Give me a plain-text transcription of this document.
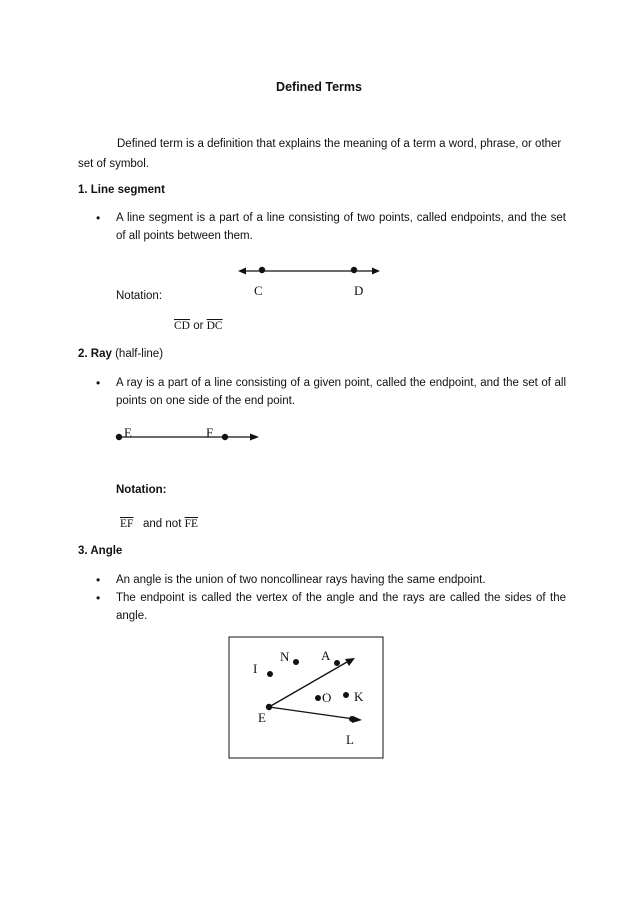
Defined Terms
Defined term is a definition that explains the meaning of a term a word, phrase, or other set of symbol.
1. Line segment
•	A line segment is a part of a line consisting of two points, called endpoints, and the set of all points between them.
C	D
Notation:
$\overline{CD}$ or $\overline{DC}$
2. Ray (half-line)
•	A ray is a part of a line consisting of a given point, called the endpoint, and the set of all points on one side of the end point.
E	F
Notation:
$\overline{EF}$ and not $\overline{FE}$
3. Angle
•	An angle is the union of two noncollinear rays having the same endpoint.
•	The endpoint is called the vertex of the angle and the rays are called the sides of the angle.
I
N A
O K
E
L
